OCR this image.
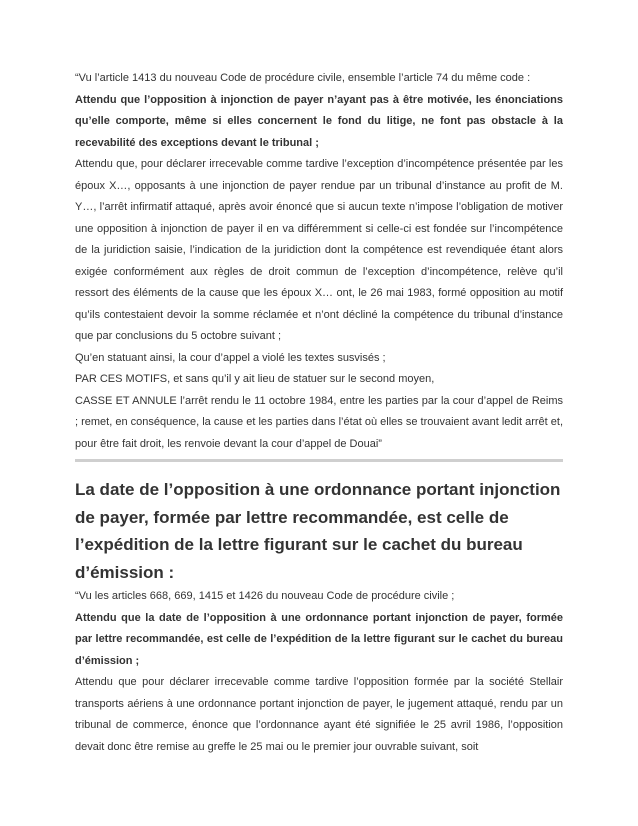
“Vu l’article 1413 du nouveau Code de procédure civile, ensemble l’article 74 du même code :

Attendu que l’opposition à injonction de payer n’ayant pas à être motivée, les énonciations qu’elle comporte, même si elles concernent le fond du litige, ne font pas obstacle à la recevabilité des exceptions devant le tribunal ;

Attendu que, pour déclarer irrecevable comme tardive l’exception d’incompétence présentée par les époux X…, opposants à une injonction de payer rendue par un tribunal d’instance au profit de M. Y…, l’arrêt infirmatif attaqué, après avoir énoncé que si aucun texte n’impose l’obligation de motiver une opposition à injonction de payer il en va différemment si celle-ci est fondée sur l’incompétence de la juridiction saisie, l’indication de la juridiction dont la compétence est revendiquée étant alors exigée conformément aux règles de droit commun de l’exception d’incompétence, relève qu’il ressort des éléments de la cause que les époux X… ont, le 26 mai 1983, formé opposition au motif qu’ils contestaient devoir la somme réclamée et n’ont décliné la compétence du tribunal d’instance que par conclusions du 5 octobre suivant ;

Qu’en statuant ainsi, la cour d’appel a violé les textes susvisés ;

PAR CES MOTIFS, et sans qu’il y ait lieu de statuer sur le second moyen,

CASSE ET ANNULE l’arrêt rendu le 11 octobre 1984, entre les parties par la cour d’appel de Reims ; remet, en conséquence, la cause et les parties dans l’état où elles se trouvaient avant ledit arrêt et, pour être fait droit, les renvoie devant la cour d’appel de Douai”

La date de l’opposition à une ordonnance portant injonction de payer, formée par lettre recommandée, est celle de l’expédition de la lettre figurant sur le cachet du bureau d’émission :

“Vu les articles 668, 669, 1415 et 1426 du nouveau Code de procédure civile ;

Attendu que la date de l’opposition à une ordonnance portant injonction de payer, formée par lettre recommandée, est celle de l’expédition de la lettre figurant sur le cachet du bureau d’émission ;

Attendu que pour déclarer irrecevable comme tardive l’opposition formée par la société Stellair transports aériens à une ordonnance portant injonction de payer, le jugement attaqué, rendu par un tribunal de commerce, énonce que l’ordonnance ayant été signifiée le 25 avril 1986, l’opposition devait donc être remise au greffe le 25 mai ou le premier jour ouvrable suivant, soit
